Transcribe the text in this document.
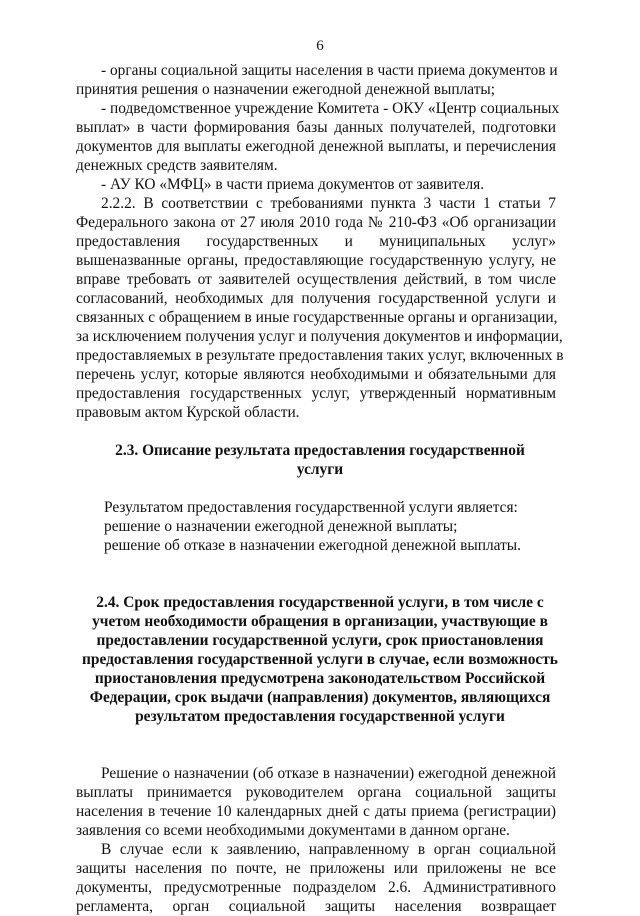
6
- органы социальной защиты населения в части приема документов и
принятия решения о назначении ежегодной денежной выплаты;
- подведомственное учреждение Комитета - ОКУ «Центр социальных
выплат» в части формирования базы данных получателей, подготовки
документов для выплаты ежегодной денежной выплаты, и перечисления
денежных средств заявителям.
- АУ КО «МФЦ» в части приема документов от заявителя.
2.2.2. В соответствии с требованиями пункта 3 части 1 статьи 7
Федерального закона от 27 июля 2010 года № 210-ФЗ «Об организации
предоставления государственных и муниципальных услуг»
вышеназванные органы, предоставляющие государственную услугу, не
вправе требовать от заявителей осуществления действий, в том числе
согласований, необходимых для получения государственной услуги и
связанных с обращением в иные государственные органы и организации,
за исключением получения услуг и получения документов и информации,
предоставляемых в результате предоставления таких услуг, включенных в
перечень услуг, которые являются необходимыми и обязательными для
предоставления государственных услуг, утвержденный нормативным
правовым актом Курской области.
2.3. Описание результата предоставления государственной
услуги
Результатом предоставления государственной услуги является:
решение о назначении ежегодной денежной выплаты;
решение об отказе в назначении ежегодной денежной выплаты.
2.4. Срок предоставления государственной услуги, в том числе с
учетом необходимости обращения в организации, участвующие в
предоставлении государственной услуги, срок приостановления
предоставления государственной услуги в случае, если возможность
приостановления предусмотрена законодательством Российской
Федерации, срок выдачи (направления) документов, являющихся
результатом предоставления государственной услуги
Решение о назначении (об отказе в назначении) ежегодной денежной
выплаты принимается руководителем органа социальной защиты
населения в течение 10 календарных дней с даты приема (регистрации)
заявления со всеми необходимыми документами в данном органе.
В случае если к заявлению, направленному в орган социальной
защиты населения по почте, не приложены или приложены не все
документы, предусмотренные подразделом 2.6. Административного
регламента, орган социальной защиты населения возвращает
